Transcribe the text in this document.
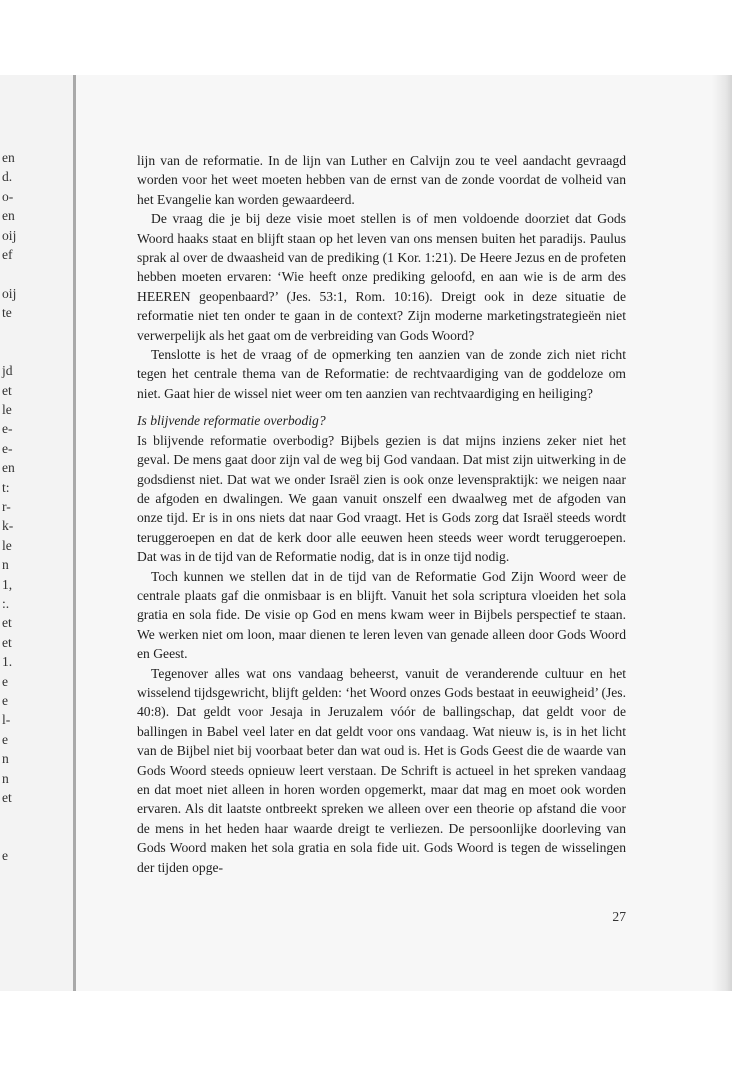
en
d.
o-
en
oij
ef
oij
te
jd
et
le
e-
e-
en
t:
r-
k-
le
n
1,
:.
et
et
1.
e
e
l-
e
n
n
et
e

lijn van de reformatie. In de lijn van Luther en Calvijn zou te veel aandacht gevraagd worden voor het weet moeten hebben van de ernst van de zonde voordat de volheid van het Evangelie kan worden gewaardeerd.

De vraag die je bij deze visie moet stellen is of men voldoende doorziet dat Gods Woord haaks staat en blijft staan op het leven van ons mensen buiten het paradijs. Paulus sprak al over de dwaasheid van de prediking (1 Kor. 1:21). De Heere Jezus en de profeten hebben moeten ervaren: ‘Wie heeft onze prediking geloofd, en aan wie is de arm des HEEREN geopenbaard?’ (Jes. 53:1, Rom. 10:16). Dreigt ook in deze situatie de reformatie niet ten onder te gaan in de context? Zijn moderne marketingstrategieën niet verwerpelijk als het gaat om de verbreiding van Gods Woord?

Tenslotte is het de vraag of de opmerking ten aanzien van de zonde zich niet richt tegen het centrale thema van de Reformatie: de rechtvaardiging van de goddeloze om niet. Gaat hier de wissel niet weer om ten aanzien van rechtvaardiging en heiliging?

Is blijvende reformatie overbodig?

Is blijvende reformatie overbodig? Bijbels gezien is dat mijns inziens zeker niet het geval. De mens gaat door zijn val de weg bij God vandaan. Dat mist zijn uitwerking in de godsdienst niet. Dat wat we onder Israël zien is ook onze levenspraktijk: we neigen naar de afgoden en dwalingen. We gaan vanuit onszelf een dwaalweg met de afgoden van onze tijd. Er is in ons niets dat naar God vraagt. Het is Gods zorg dat Israël steeds wordt teruggeroepen en dat de kerk door alle eeuwen heen steeds weer wordt teruggeroepen. Dat was in de tijd van de Reformatie nodig, dat is in onze tijd nodig.

Toch kunnen we stellen dat in de tijd van de Reformatie God Zijn Woord weer de centrale plaats gaf die onmisbaar is en blijft. Vanuit het sola scriptura vloeiden het sola gratia en sola fide. De visie op God en mens kwam weer in Bijbels perspectief te staan. We werken niet om loon, maar dienen te leren leven van genade alleen door Gods Woord en Geest.

Tegenover alles wat ons vandaag beheerst, vanuit de veranderende cultuur en het wisselend tijdsgewricht, blijft gelden: ‘het Woord onzes Gods bestaat in eeuwigheid’ (Jes. 40:8). Dat geldt voor Jesaja in Jeruzalem vóór de ballingschap, dat geldt voor de ballingen in Babel veel later en dat geldt voor ons vandaag. Wat nieuw is, is in het licht van de Bijbel niet bij voorbaat beter dan wat oud is. Het is Gods Geest die de waarde van Gods Woord steeds opnieuw leert verstaan. De Schrift is actueel in het spreken vandaag en dat moet niet alleen in horen worden opgemerkt, maar dat mag en moet ook worden ervaren. Als dit laatste ontbreekt spreken we alleen over een theorie op afstand die voor de mens in het heden haar waarde dreigt te verliezen. De persoonlijke doorleving van Gods Woord maken het sola gratia en sola fide uit. Gods Woord is tegen de wisselingen der tijden opge-

27
